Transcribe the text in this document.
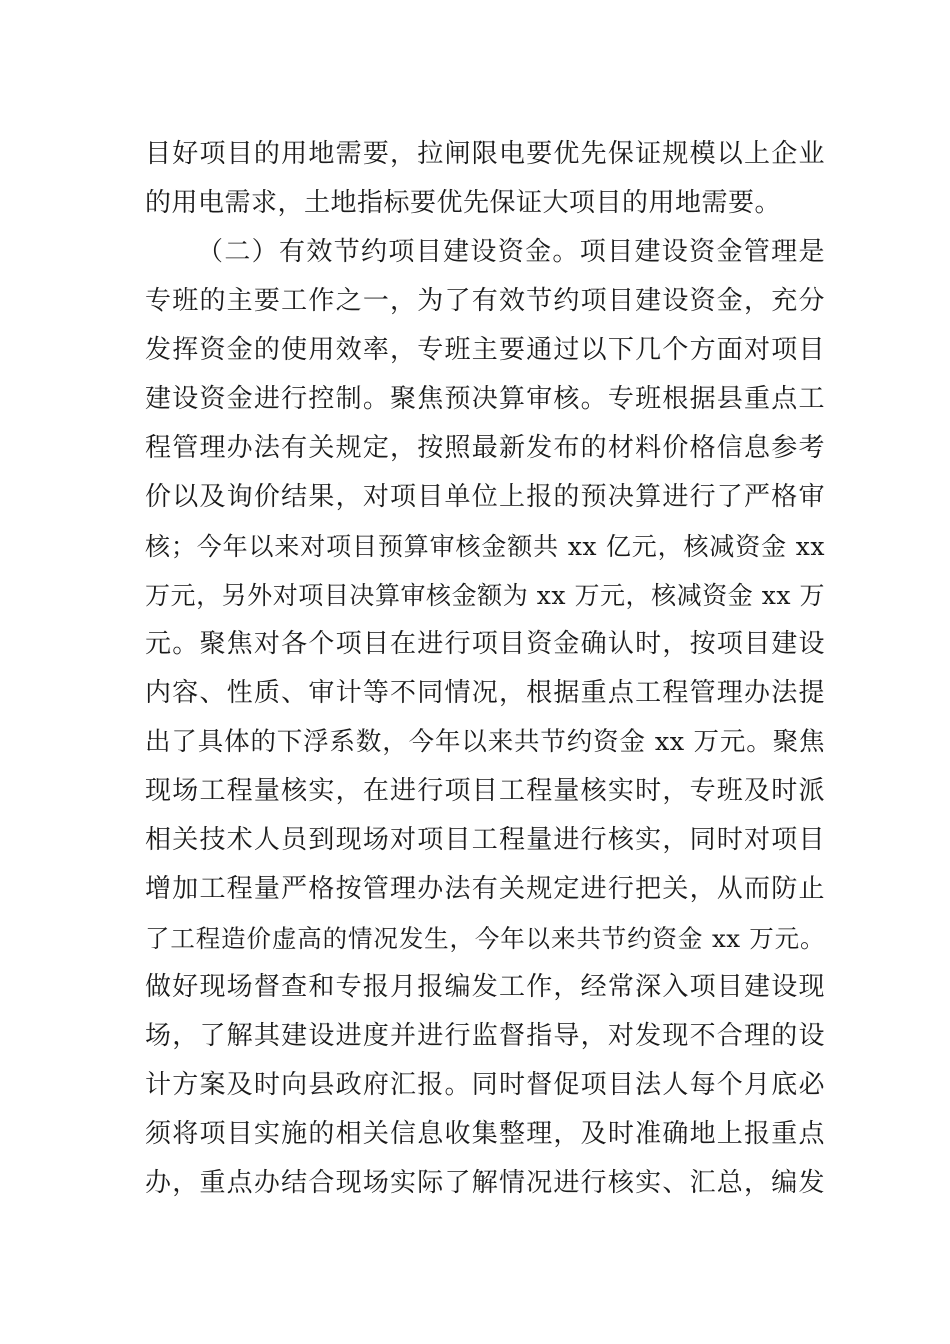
目好项目的用地需要，拉闸限电要优先保证规模以上企业
的用电需求，土地指标要优先保证大项目的用地需要。
（二）有效节约项目建设资金。项目建设资金管理是
专班的主要工作之一，为了有效节约项目建设资金，充分
发挥资金的使用效率，专班主要通过以下几个方面对项目
建设资金进行控制。聚焦预决算审核。专班根据县重点工
程管理办法有关规定，按照最新发布的材料价格信息参考
价以及询价结果，对项目单位上报的预决算进行了严格审
核；今年以来对项目预算审核金额共 xx 亿元，核减资金 xx
万元，另外对项目决算审核金额为 xx 万元，核减资金 xx 万
元。聚焦对各个项目在进行项目资金确认时，按项目建设
内容、性质、审计等不同情况，根据重点工程管理办法提
出了具体的下浮系数，今年以来共节约资金 xx 万元。聚焦
现场工程量核实，在进行项目工程量核实时，专班及时派
相关技术人员到现场对项目工程量进行核实，同时对项目
增加工程量严格按管理办法有关规定进行把关，从而防止
了工程造价虚高的情况发生，今年以来共节约资金 xx 万元。
做好现场督查和专报月报编发工作，经常深入项目建设现
场，了解其建设进度并进行监督指导，对发现不合理的设
计方案及时向县政府汇报。同时督促项目法人每个月底必
须将项目实施的相关信息收集整理，及时准确地上报重点
办，重点办结合现场实际了解情况进行核实、汇总，编发
